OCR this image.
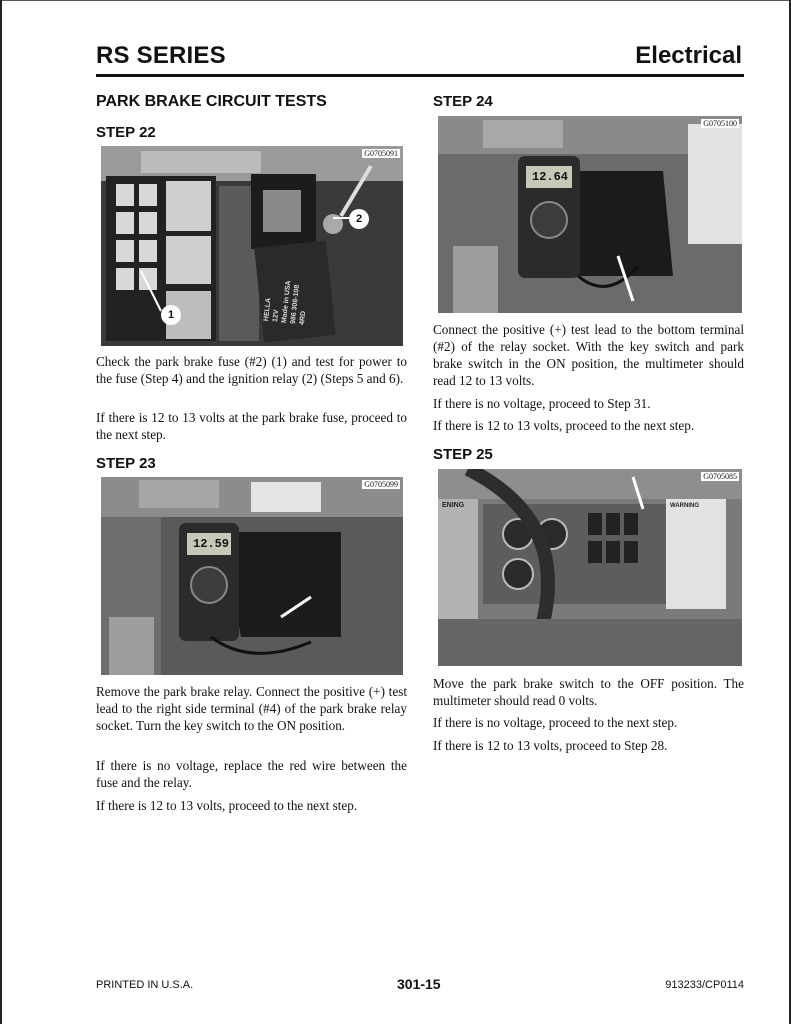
RS SERIES	Electrical
PARK BRAKE CIRCUIT TESTS
STEP 22
G0705091
1
2
HELLA 12V Made in USA
986 308-108
4RD

Check the park brake fuse (#2) (1) and test for power to the fuse (Step 4) and the ignition relay (2) (Steps 5 and 6).

If there is 12 to 13 volts at the park brake fuse, proceed to the next step.

STEP 23
G0705099
12.59

Remove the park brake relay. Connect the positive (+) test lead to the right side terminal (#4) of the park brake relay socket. Turn the key switch to the ON position.

If there is no voltage, replace the red wire between the fuse and the relay.

If there is 12 to 13 volts, proceed to the next step.

STEP 24
G0705100
12.64

Connect the positive (+) test lead to the bottom terminal (#2) of the relay socket. With the key switch and park brake switch in the ON position, the multimeter should read 12 to 13 volts.

If there is no voltage, proceed to Step 31.

If there is 12 to 13 volts, proceed to the next step.

STEP 25
G0705085
ENING	WARNING

Move the park brake switch to the OFF position. The multimeter should read 0 volts.

If there is no voltage, proceed to the next step.

If there is 12 to 13 volts, proceed to Step 28.

PRINTED IN U.S.A.	301-15	913233/CP0114
